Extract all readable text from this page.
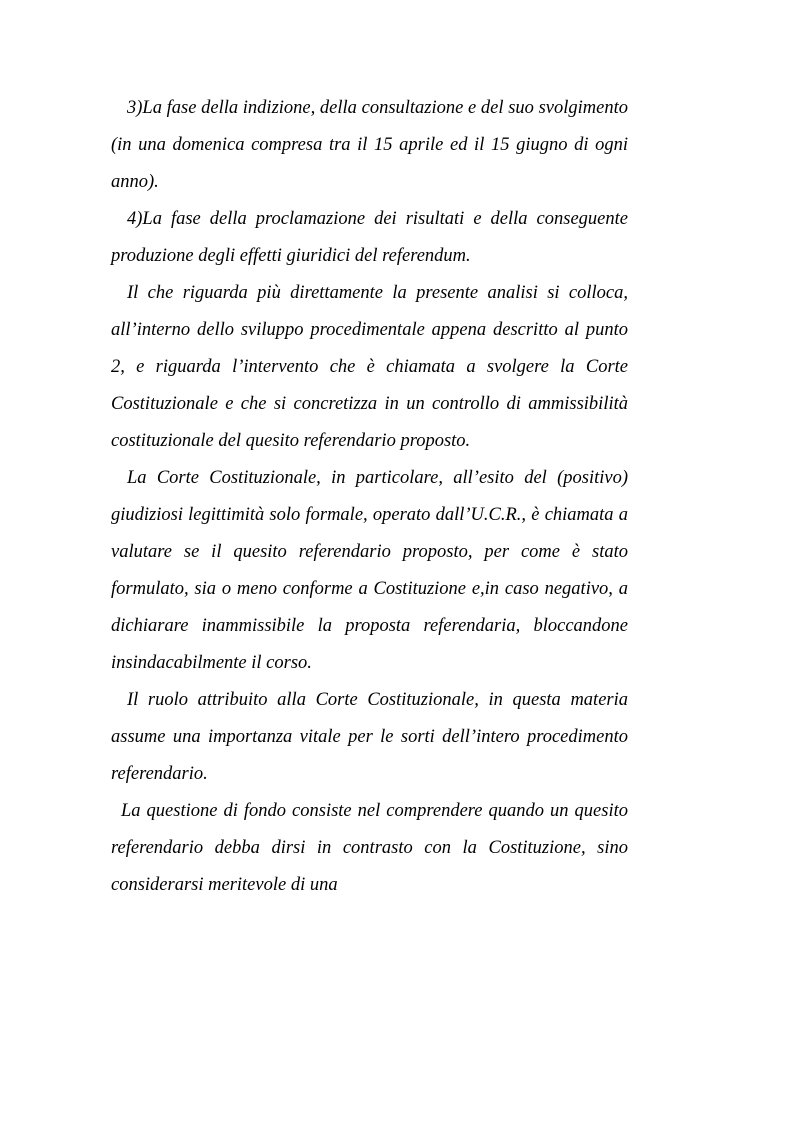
3)La fase della indizione, della consultazione e del suo svolgimento (in una domenica compresa tra il 15 aprile ed il 15 giugno di ogni anno).

4)La fase della proclamazione dei risultati e della conseguente produzione degli effetti giuridici del referendum.

Il che riguarda più direttamente la presente analisi si colloca, all’interno dello sviluppo procedimentale appena descritto al punto 2, e riguarda l’intervento che è chiamata a svolgere la Corte Costituzionale e che si concretizza in un controllo di ammissibilità costituzionale del quesito referendario proposto.

La Corte Costituzionale, in particolare, all’esito del (positivo) giudiziosi legittimità solo formale, operato dall’U.C.R., è chiamata a valutare se il quesito referendario proposto, per come è stato formulato, sia o meno conforme a Costituzione e,in caso negativo, a dichiarare inammissibile la proposta referendaria, bloccandone insindacabilmente il corso.

Il ruolo attribuito alla Corte Costituzionale, in questa materia assume una importanza vitale per le sorti dell’intero procedimento referendario.

La questione di fondo consiste nel comprendere quando un quesito referendario debba dirsi in contrasto con la Costituzione, sino considerarsi meritevole di una
